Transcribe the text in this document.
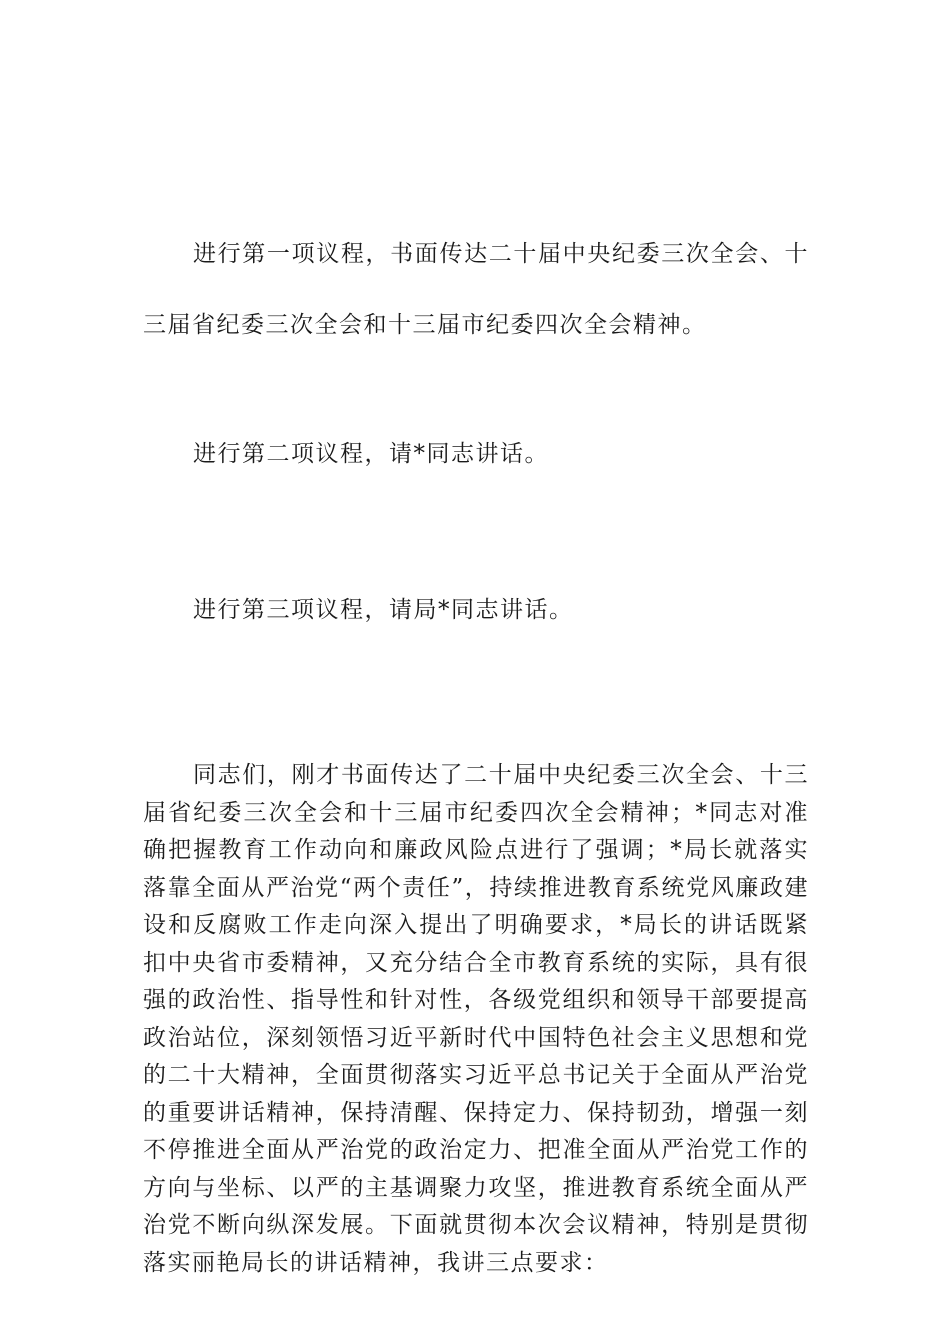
进行第一项议程，书面传达二十届中央纪委三次全会、十三届省纪委三次全会和十三届市纪委四次全会精神。

进行第二项议程，请*同志讲话。

进行第三项议程，请局*同志讲话。

同志们，刚才书面传达了二十届中央纪委三次全会、十三届省纪委三次全会和十三届市纪委四次全会精神；*同志对准确把握教育工作动向和廉政风险点进行了强调；*局长就落实落靠全面从严治党“两个责任”，持续推进教育系统党风廉政建设和反腐败工作走向深入提出了明确要求，*局长的讲话既紧扣中央省市委精神，又充分结合全市教育系统的实际，具有很强的政治性、指导性和针对性，各级党组织和领导干部要提高政治站位，深刻领悟习近平新时代中国特色社会主义思想和党的二十大精神，全面贯彻落实习近平总书记关于全面从严治党的重要讲话精神，保持清醒、保持定力、保持韧劲，增强一刻不停推进全面从严治党的政治定力、把准全面从严治党工作的方向与坐标、以严的主基调聚力攻坚，推进教育系统全面从严治党不断向纵深发展。下面就贯彻本次会议精神，特别是贯彻落实丽艳局长的讲话精神，我讲三点要求：
